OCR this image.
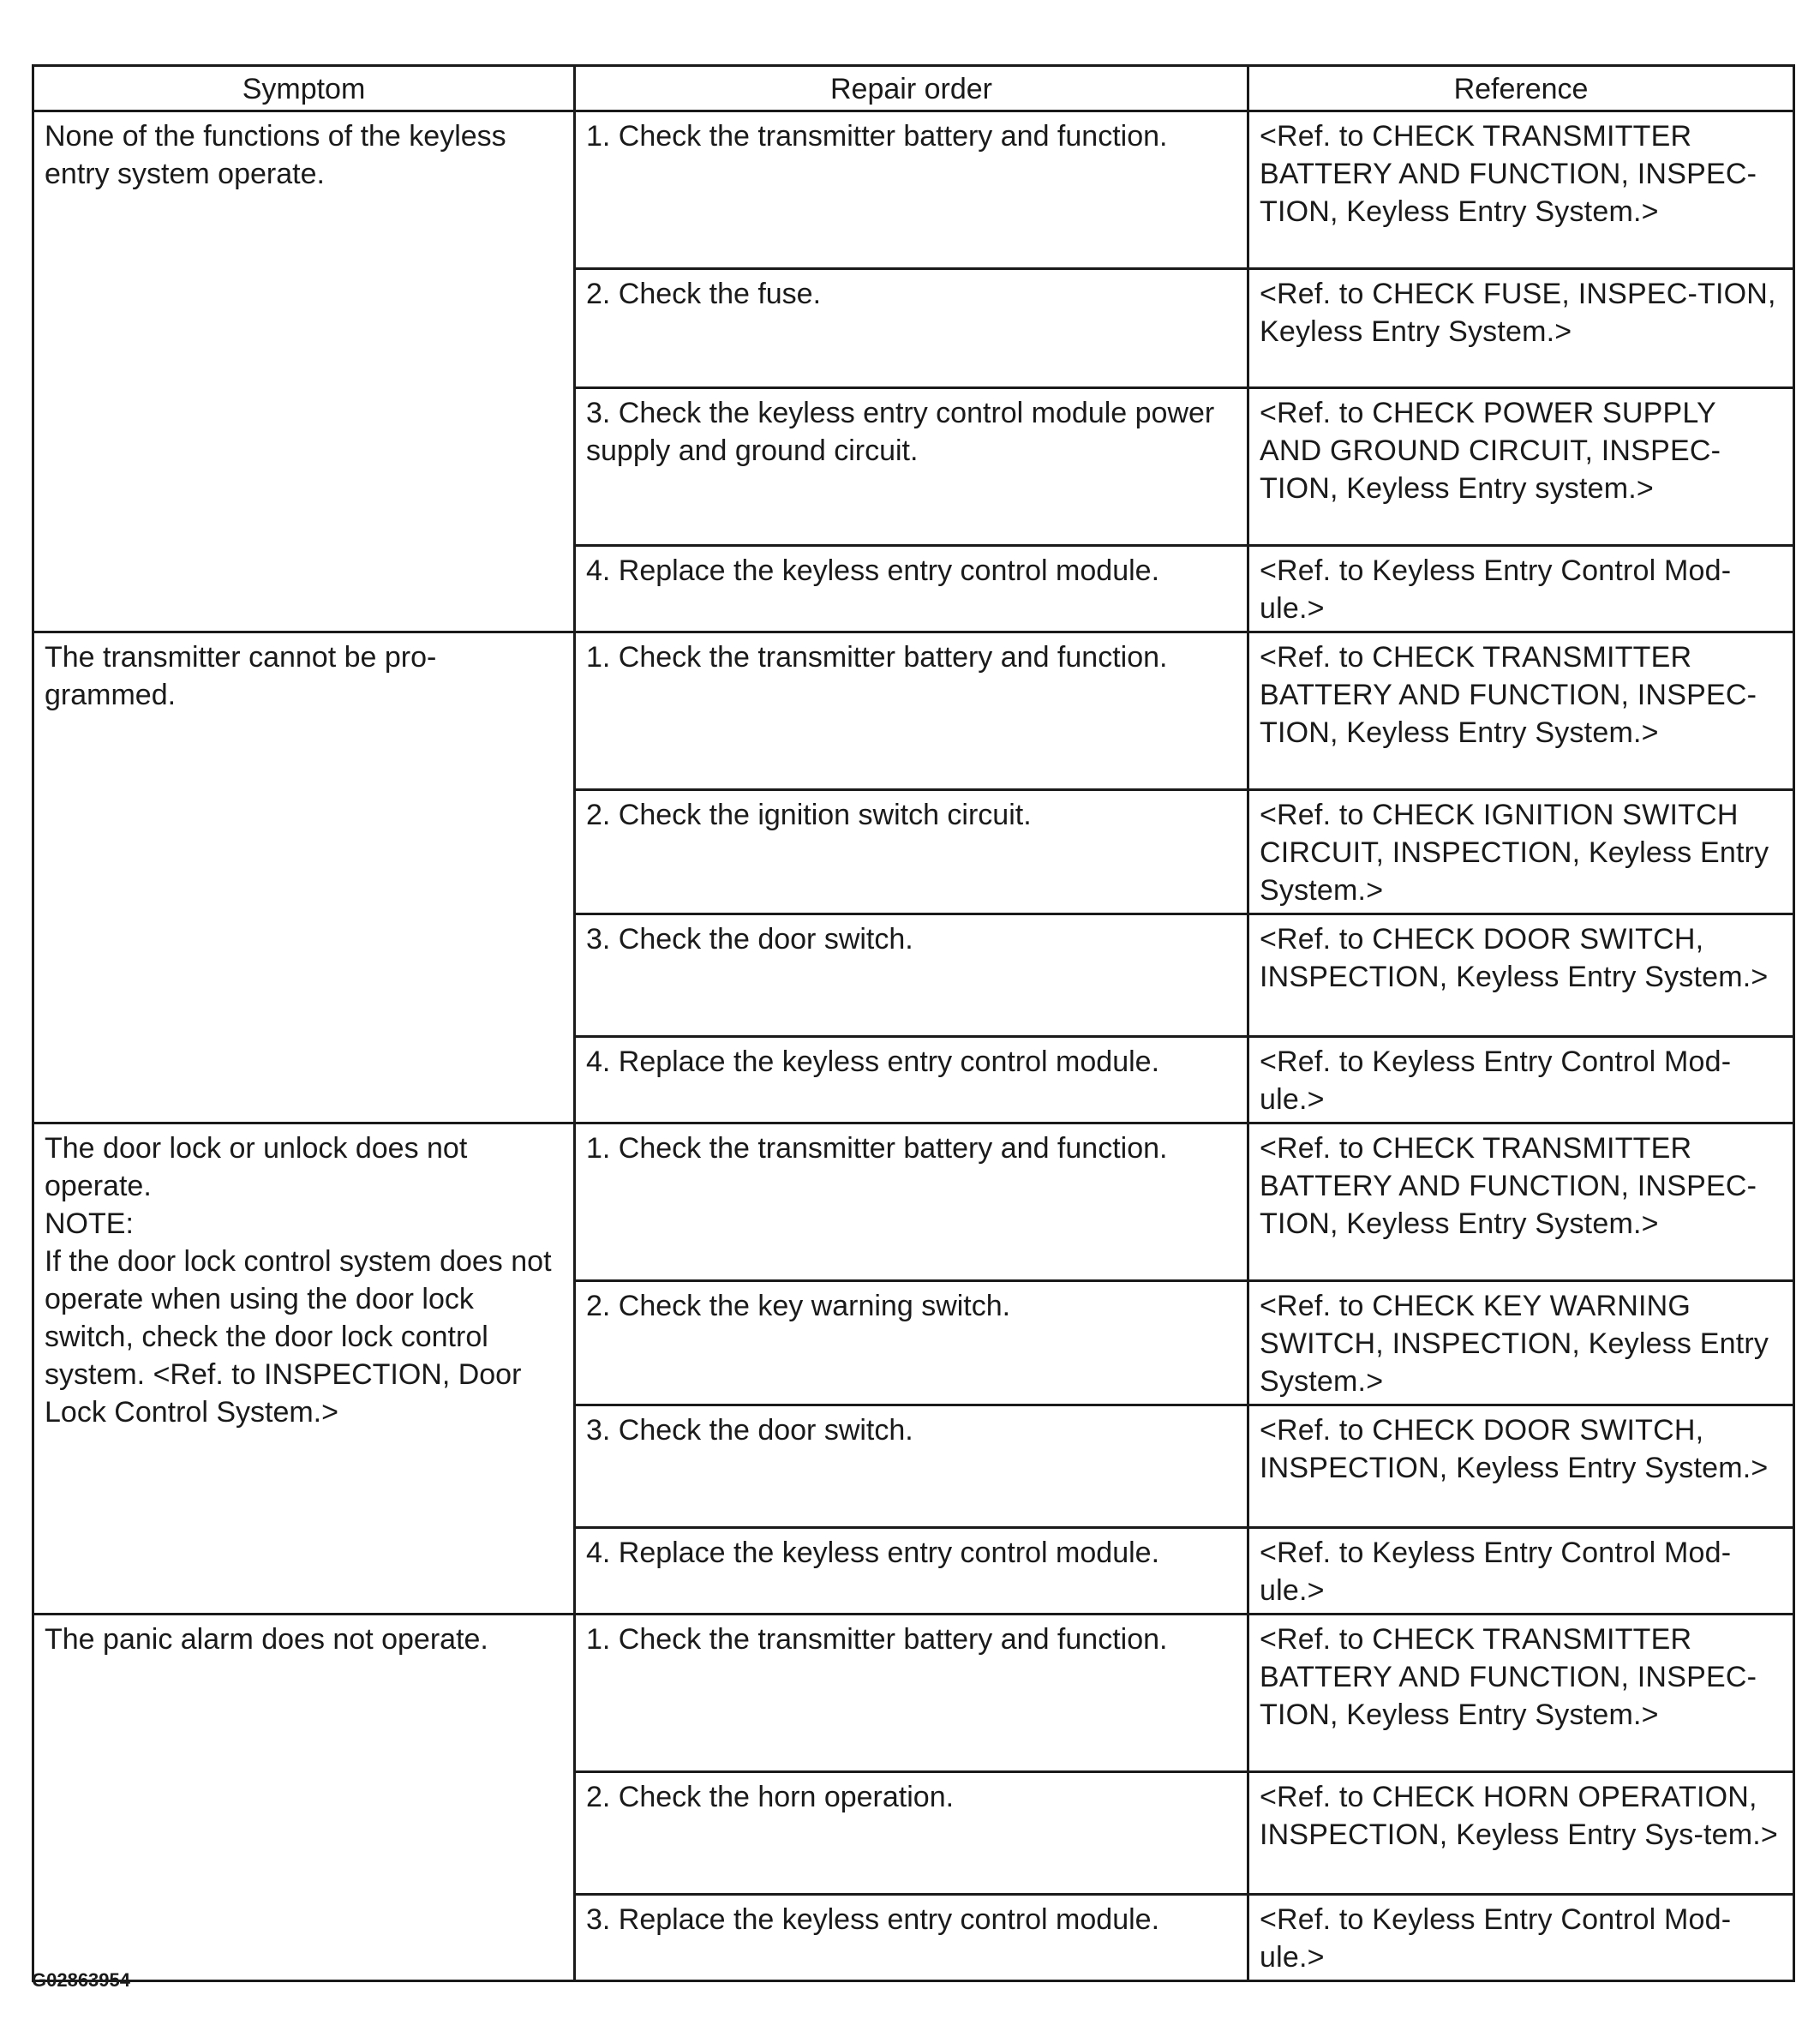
Symptom	Repair order	Reference
None of the functions of the keyless entry system operate.	1. Check the transmitter battery and function.	<Ref. to CHECK TRANSMITTER BATTERY AND FUNCTION, INSPEC-TION, Keyless Entry System.>
	2. Check the fuse.	<Ref. to CHECK FUSE, INSPEC-TION, Keyless Entry System.>
	3. Check the keyless entry control module power supply and ground circuit.	<Ref. to CHECK POWER SUPPLY AND GROUND CIRCUIT, INSPEC-TION, Keyless Entry system.>
	4. Replace the keyless entry control module.	<Ref. to Keyless Entry Control Mod-ule.>
The transmitter cannot be pro-grammed.	1. Check the transmitter battery and function.	<Ref. to CHECK TRANSMITTER BATTERY AND FUNCTION, INSPEC-TION, Keyless Entry System.>
	2. Check the ignition switch circuit.	<Ref. to CHECK IGNITION SWITCH CIRCUIT, INSPECTION, Keyless Entry System.>
	3. Check the door switch.	<Ref. to CHECK DOOR SWITCH, INSPECTION, Keyless Entry System.>
	4. Replace the keyless entry control module.	<Ref. to Keyless Entry Control Mod-ule.>
The door lock or unlock does not operate.
NOTE:
If the door lock control system does not operate when using the door lock switch, check the door lock control system. <Ref. to INSPECTION, Door Lock Control System.>	1. Check the transmitter battery and function.	<Ref. to CHECK TRANSMITTER BATTERY AND FUNCTION, INSPEC-TION, Keyless Entry System.>
	2. Check the key warning switch.	<Ref. to CHECK KEY WARNING SWITCH, INSPECTION, Keyless Entry System.>
	3. Check the door switch.	<Ref. to CHECK DOOR SWITCH, INSPECTION, Keyless Entry System.>
	4. Replace the keyless entry control module.	<Ref. to Keyless Entry Control Mod-ule.>
The panic alarm does not operate.	1. Check the transmitter battery and function.	<Ref. to CHECK TRANSMITTER BATTERY AND FUNCTION, INSPEC-TION, Keyless Entry System.>
	2. Check the horn operation.	<Ref. to CHECK HORN OPERATION, INSPECTION, Keyless Entry Sys-tem.>
	3. Replace the keyless entry control module.	<Ref. to Keyless Entry Control Mod-ule.>
G02863954
